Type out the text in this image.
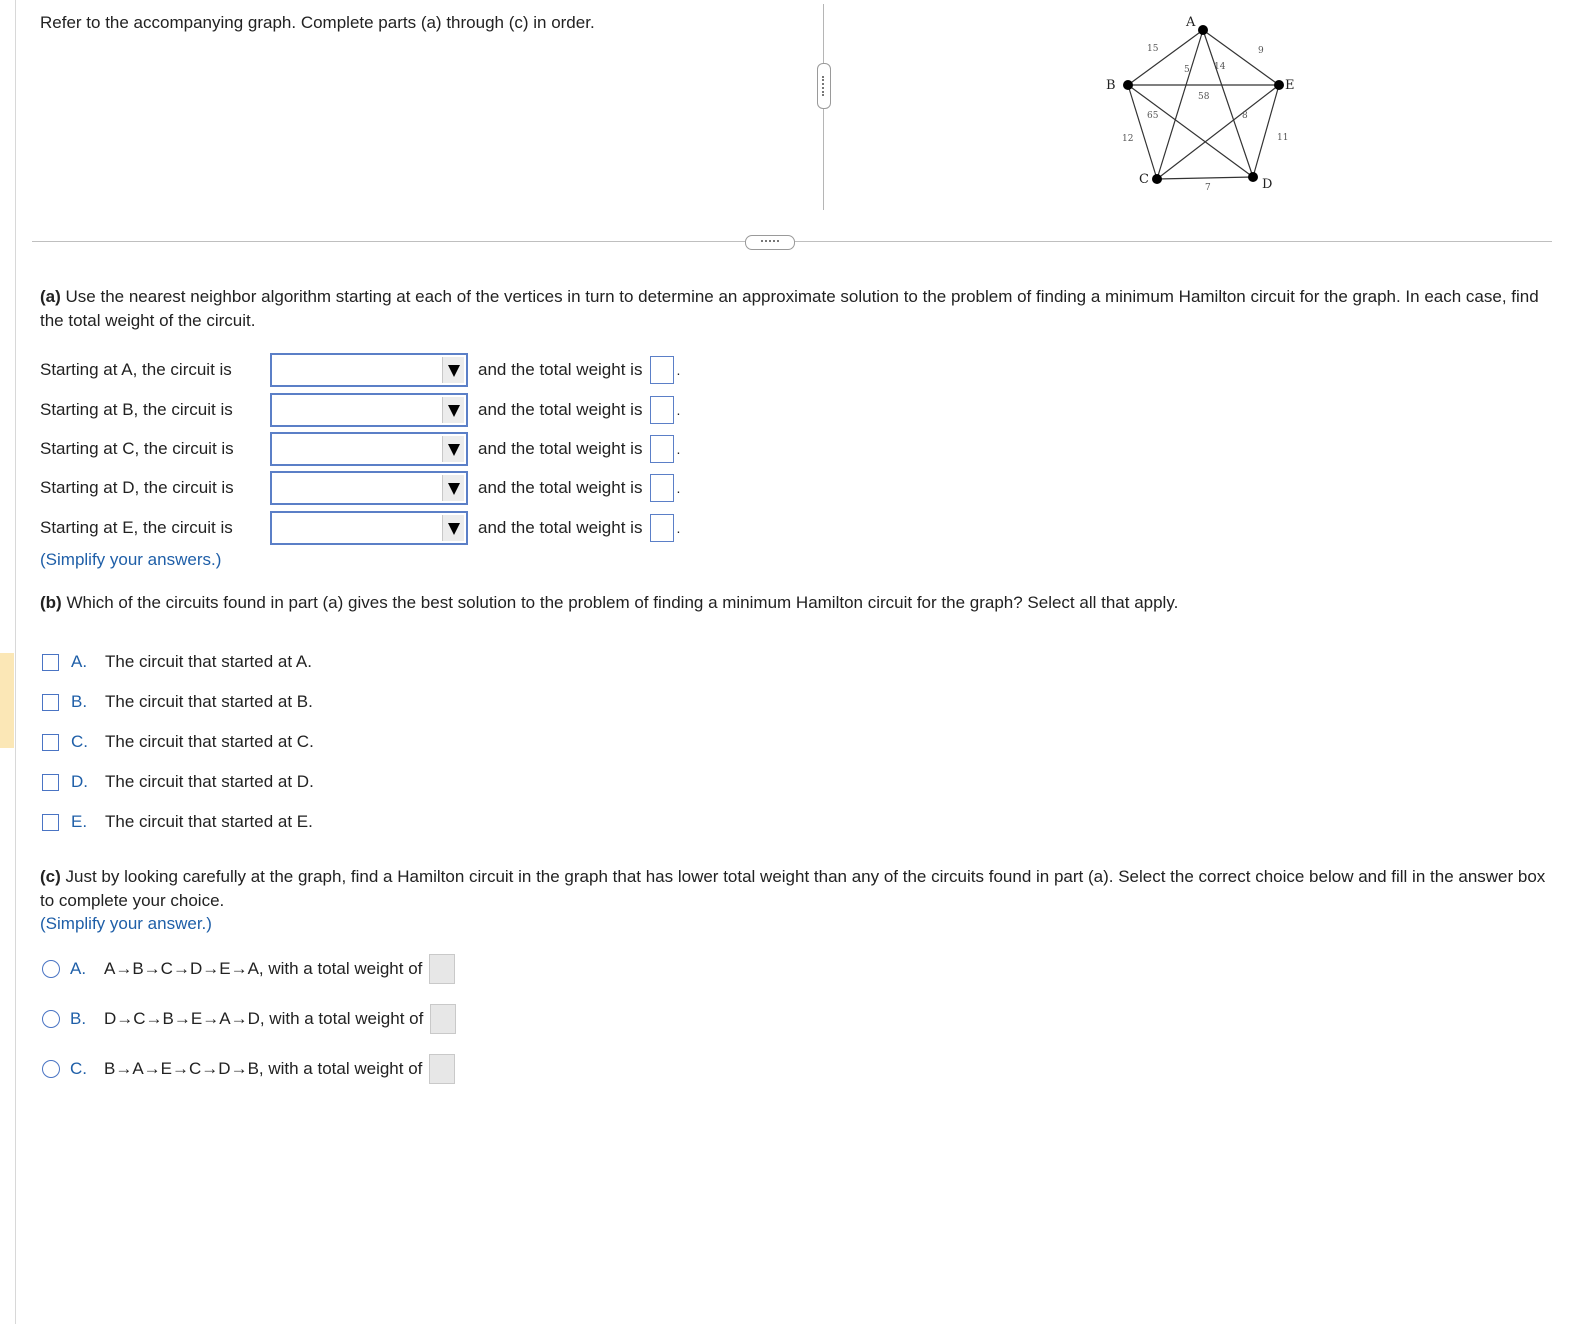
Refer to the accompanying graph. Complete parts (a) through (c) in order.	A
B
C	D
E
15	9
5	14
58
65	8
12	11
7
(a) Use the nearest neighbor algorithm starting at each of the vertices in turn to determine an approximate solution to the problem of finding a minimum Hamilton circuit for the graph. In each case, find the total weight of the circuit.
Starting at A, the circuit is	and the total weight is .
Starting at B, the circuit is	and the total weight is .
Starting at C, the circuit is	and the total weight is .
Starting at D, the circuit is	and the total weight is .
Starting at E, the circuit is	and the total weight is .
(Simplify your answers.)
(b) Which of the circuits found in part (a) gives the best solution to the problem of finding a minimum Hamilton circuit for the graph? Select all that apply.
A.	The circuit that started at A.
B.	The circuit that started at B.
C.	The circuit that started at C.
D.	The circuit that started at D.
E.	The circuit that started at E.
(c) Just by looking carefully at the graph, find a Hamilton circuit in the graph that has lower total weight than any of the circuits found in part (a). Select the correct choice below and fill in the answer box to complete your choice.
(Simplify your answer.)
A.	A→B→C→D→E→A, with a total weight of
B.	D→C→B→E→A→D, with a total weight of
C.	B→A→E→C→D→B, with a total weight of
